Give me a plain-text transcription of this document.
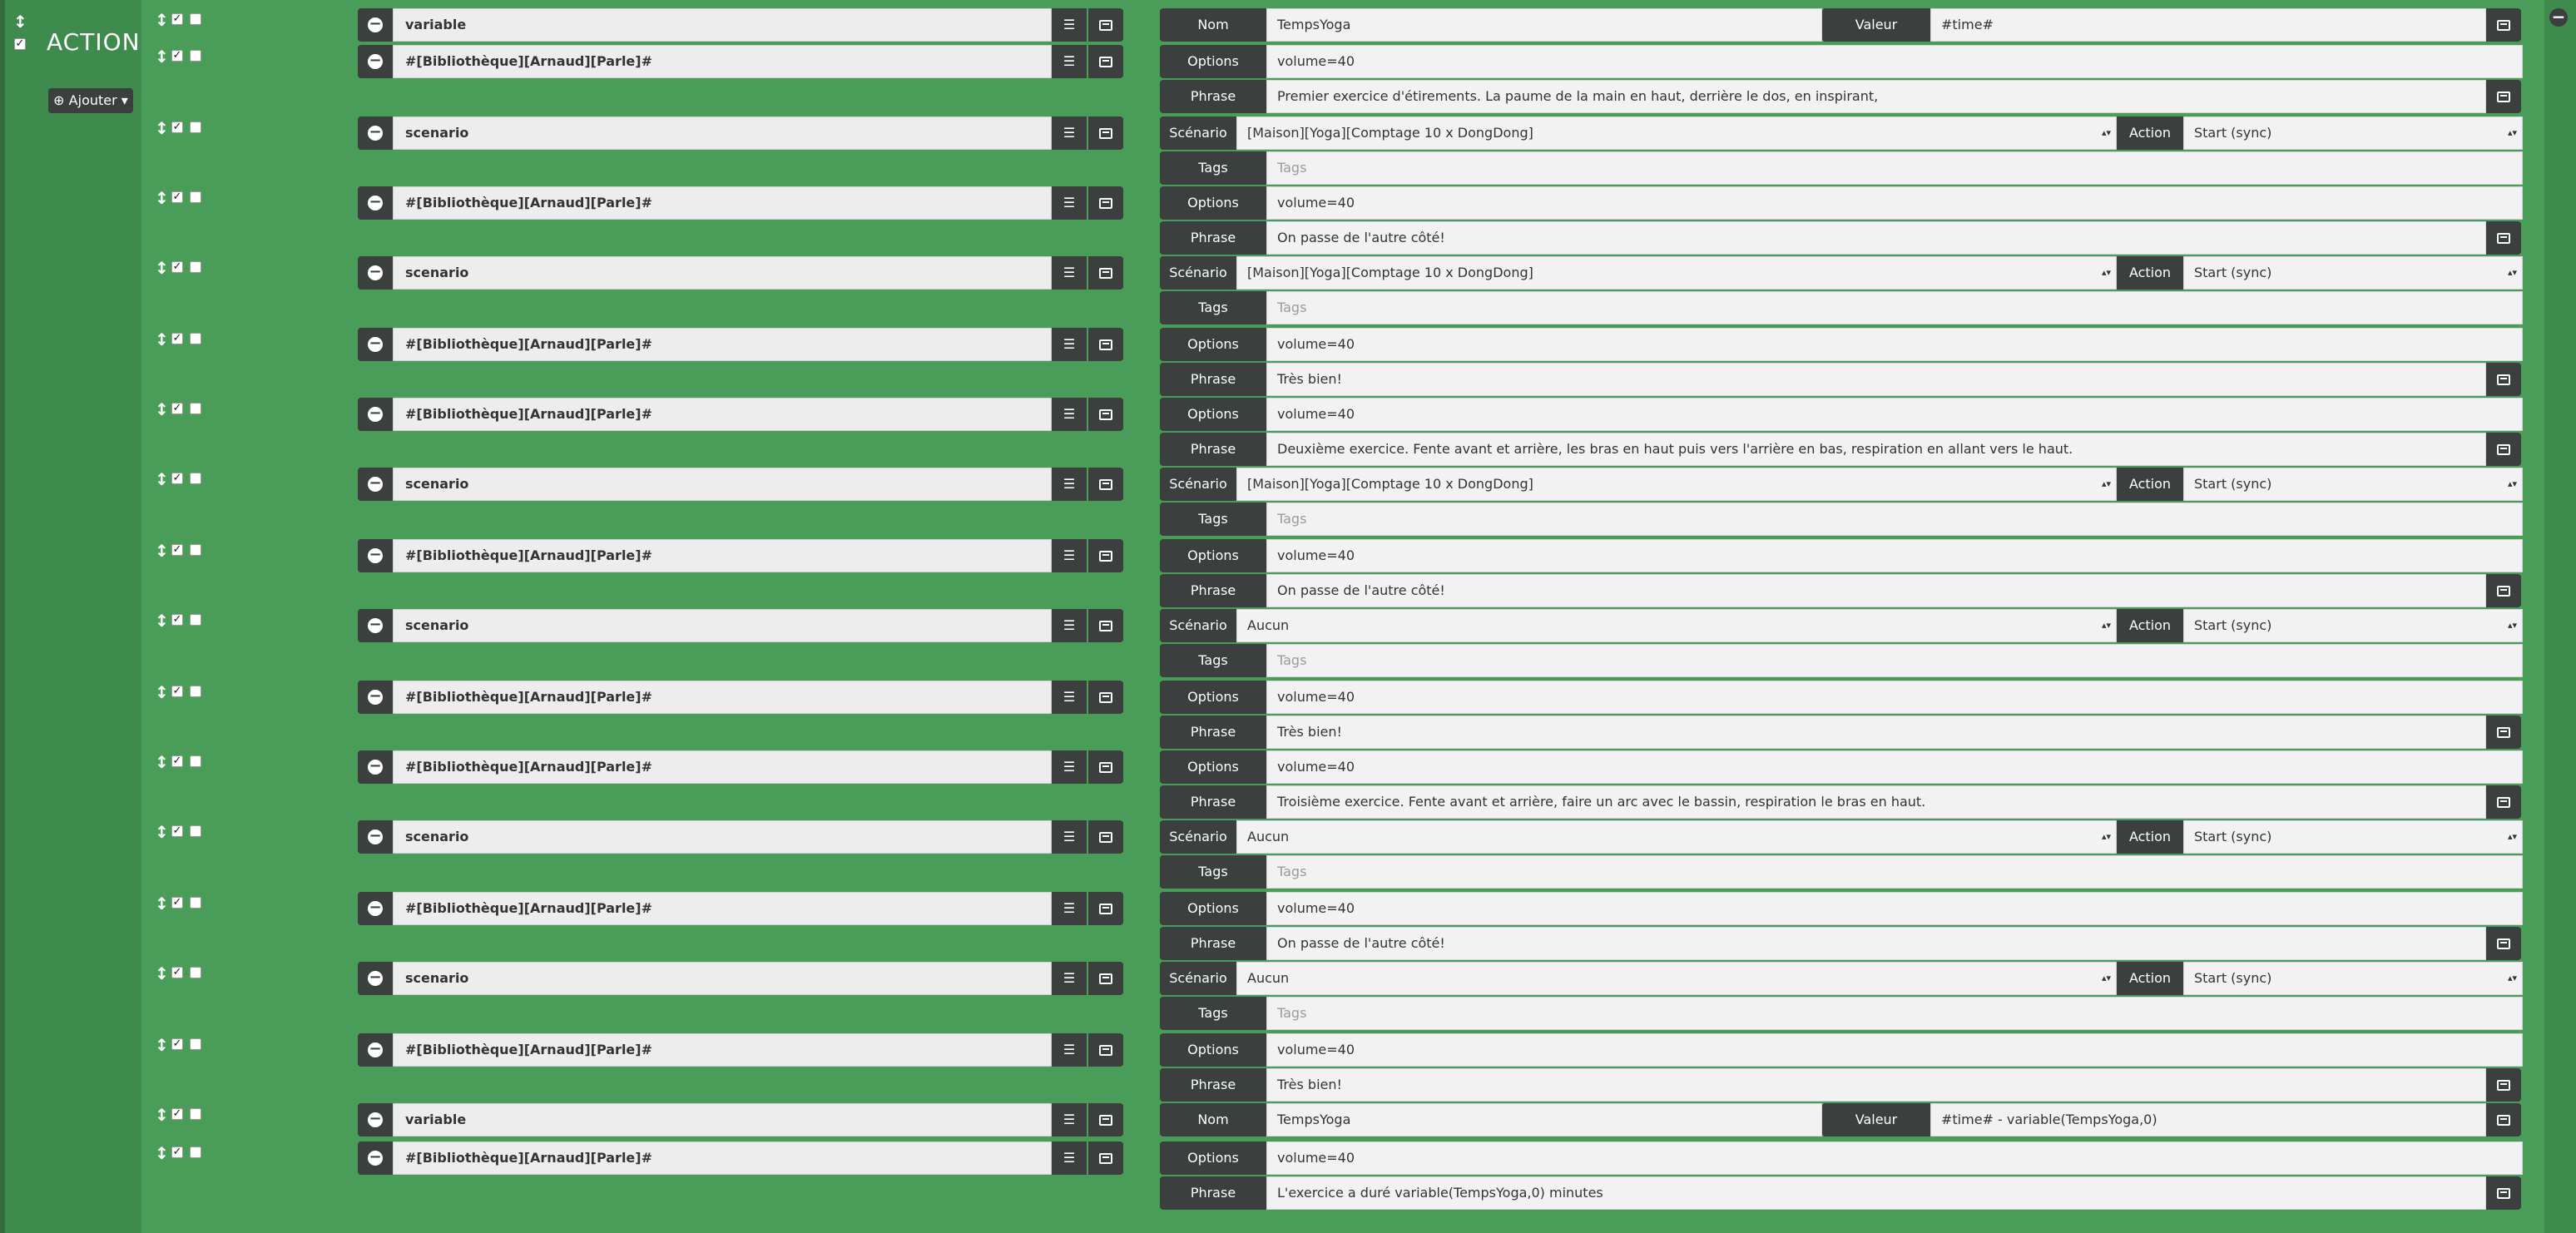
−
↕
✓ ACTION
⊕ Ajouter ▾
↕ ✓	−	variable	☰	Nom	TempsYoga	Valeur	#time#
↕ ✓	−	#[Bibliothèque][Arnaud][Parle]#	☰	Options	volume=40
Phrase	Premier exercice d'étirements. La paume de la main en haut, derrière le dos, en inspirant,
↕ ✓	−	scenario	☰	Scénario	[Maison][Yoga][Comptage 10 x DongDong]	▴▾	Action	Start (sync)	▴▾
Tags	Tags
↕ ✓	−	#[Bibliothèque][Arnaud][Parle]#	☰	Options	volume=40
Phrase	On passe de l'autre côté!
↕ ✓	−	scenario	☰	Scénario	[Maison][Yoga][Comptage 10 x DongDong]	▴▾	Action	Start (sync)	▴▾
Tags	Tags
↕ ✓	−	#[Bibliothèque][Arnaud][Parle]#	☰	Options	volume=40
Phrase	Très bien!
↕ ✓	−	#[Bibliothèque][Arnaud][Parle]#	☰	Options	volume=40
Phrase	Deuxième exercice. Fente avant et arrière, les bras en haut puis vers l'arrière en bas, respiration en allant vers le haut.
↕ ✓	−	scenario	☰	Scénario	[Maison][Yoga][Comptage 10 x DongDong]	▴▾	Action	Start (sync)	▴▾
Tags	Tags
↕ ✓	−	#[Bibliothèque][Arnaud][Parle]#	☰	Options	volume=40
Phrase	On passe de l'autre côté!
↕ ✓	−	scenario	☰	Scénario	Aucun	▴▾	Action	Start (sync)	▴▾
Tags	Tags
↕ ✓	−	#[Bibliothèque][Arnaud][Parle]#	☰	Options	volume=40
Phrase	Très bien!
↕ ✓	−	#[Bibliothèque][Arnaud][Parle]#	☰	Options	volume=40
Phrase	Troisième exercice. Fente avant et arrière, faire un arc avec le bassin, respiration le bras en haut.
↕ ✓	−	scenario	☰	Scénario	Aucun	▴▾	Action	Start (sync)	▴▾
Tags	Tags
↕ ✓	−	#[Bibliothèque][Arnaud][Parle]#	☰	Options	volume=40
Phrase	On passe de l'autre côté!
↕ ✓	−	scenario	☰	Scénario	Aucun	▴▾	Action	Start (sync)	▴▾
Tags	Tags
↕ ✓	−	#[Bibliothèque][Arnaud][Parle]#	☰	Options	volume=40
Phrase	Très bien!
↕ ✓	−	variable	☰	Nom	TempsYoga	Valeur	#time# - variable(TempsYoga,0)
↕ ✓	−	#[Bibliothèque][Arnaud][Parle]#	☰	Options	volume=40
Phrase	L'exercice a duré variable(TempsYoga,0) minutes
